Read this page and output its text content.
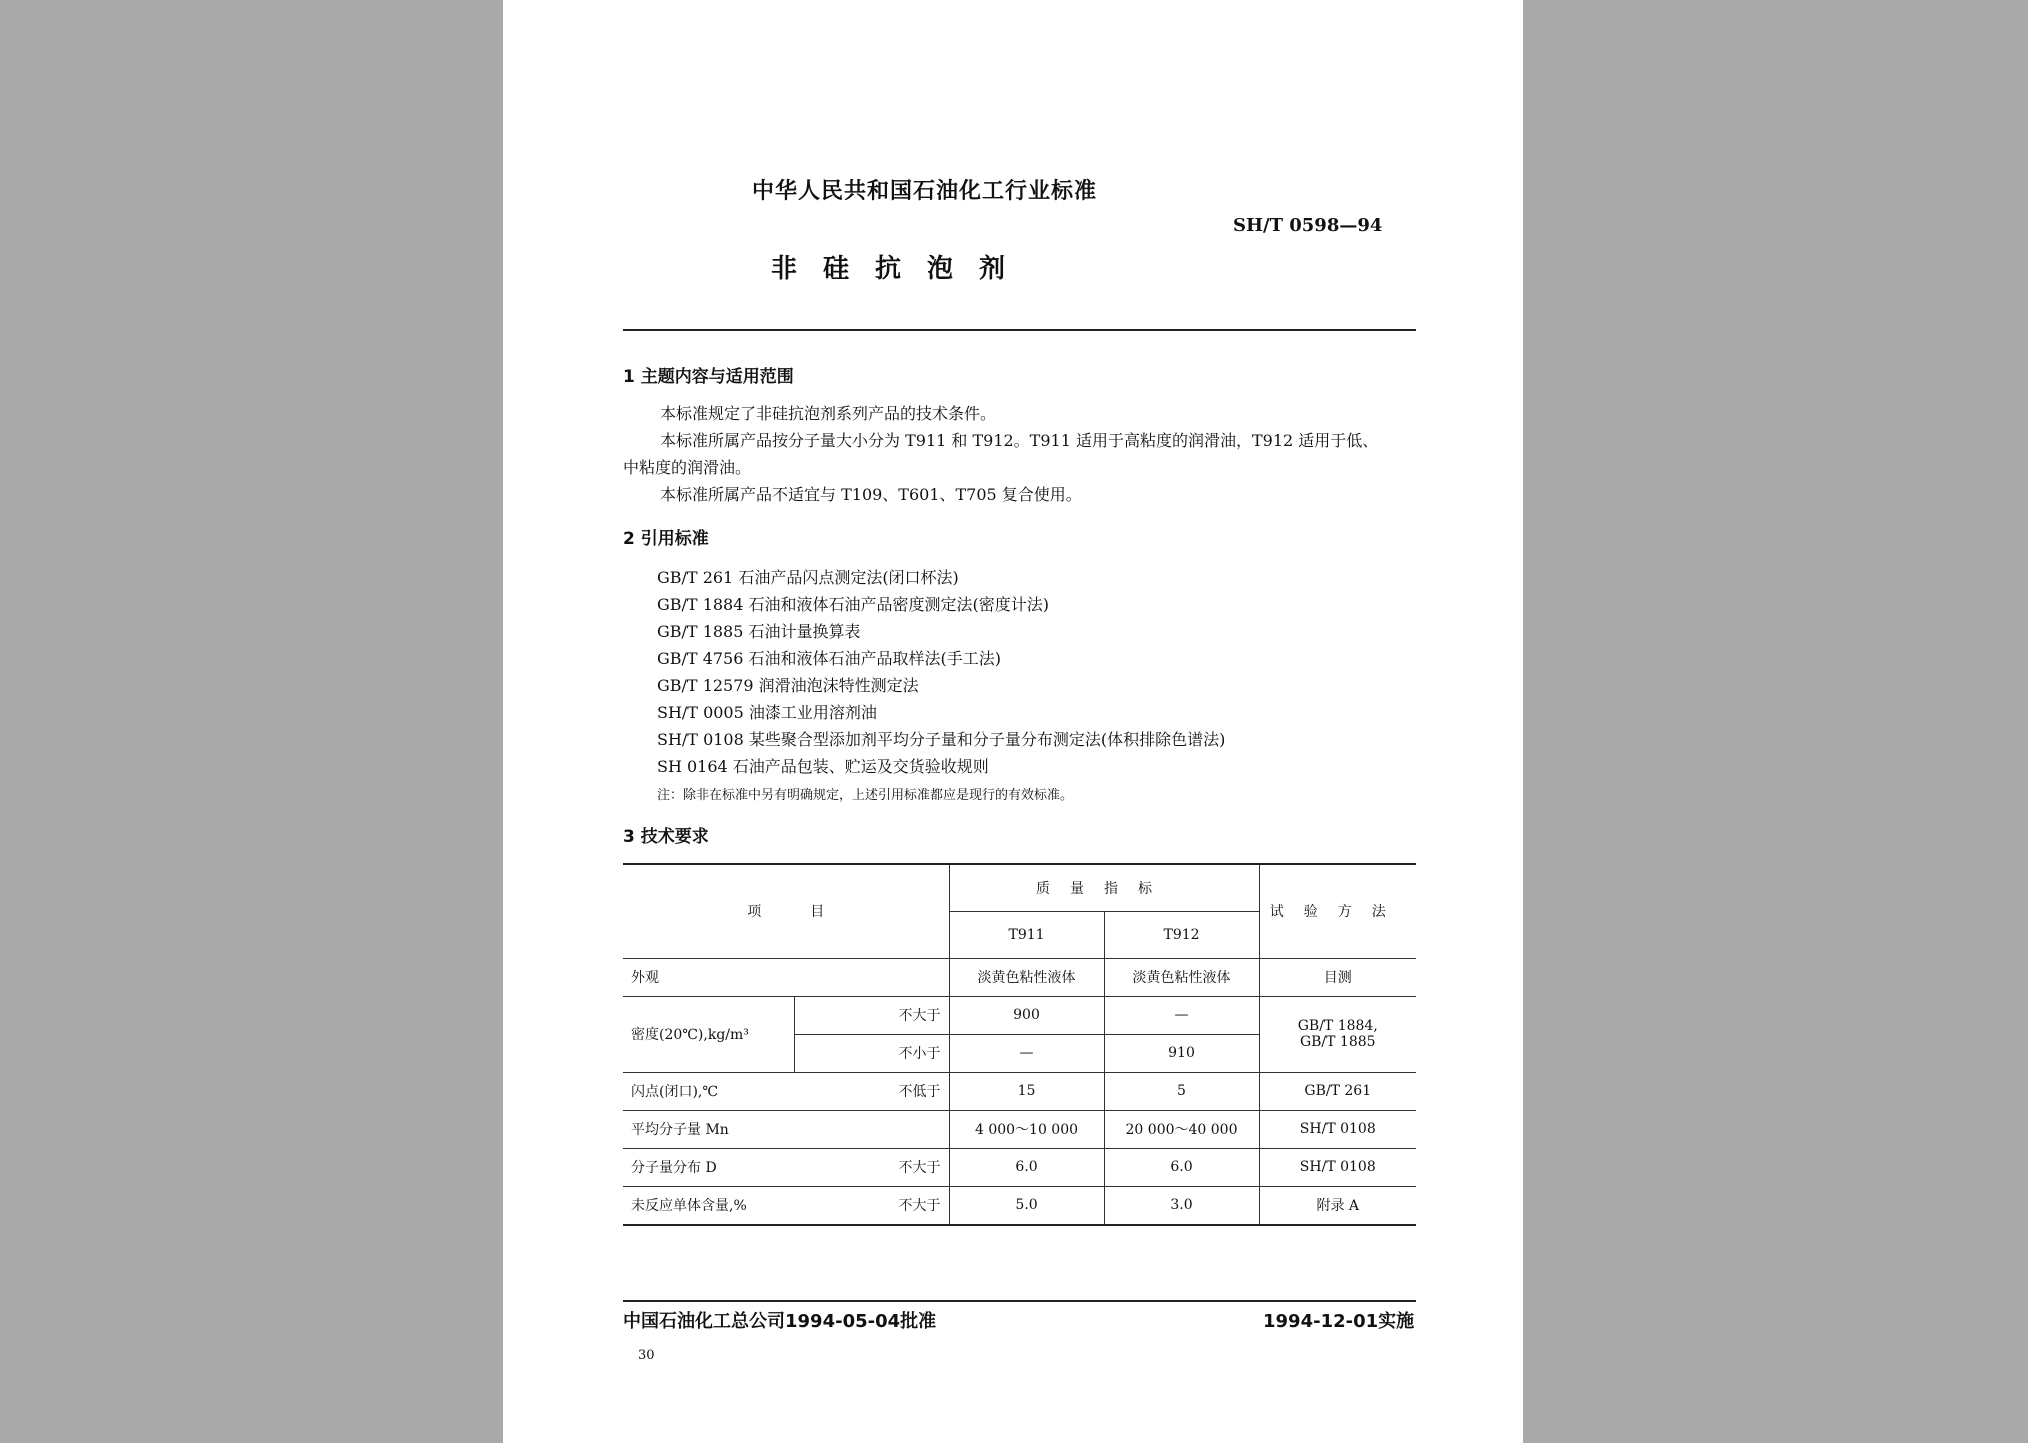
中华人民共和国石油化工行业标准
SH/T 0598—94
非硅抗泡剂
1 主题内容与适用范围
本标准规定了非硅抗泡剂系列产品的技术条件。
本标准所属产品按分子量大小分为 T911 和 T912。T911 适用于高粘度的润滑油，T912 适用于低、
中粘度的润滑油。
本标准所属产品不适宜与 T109、T601、T705 复合使用。
2 引用标准
GB/T 261 石油产品闪点测定法(闭口杯法)
GB/T 1884 石油和液体石油产品密度测定法(密度计法)
GB/T 1885 石油计量换算表
GB/T 4756 石油和液体石油产品取样法(手工法)
GB/T 12579 润滑油泡沫特性测定法
SH/T 0005 油漆工业用溶剂油
SH/T 0108 某些聚合型添加剂平均分子量和分子量分布测定法(体积排除色谱法)
SH 0164 石油产品包装、贮运及交货验收规则
注：除非在标准中另有明确规定，上述引用标准都应是现行的有效标准。
3 技术要求
项           目		质量指标		试验方法
		T911	T912	
外观		淡黄色粘性液体	淡黄色粘性液体	目测
密度(20℃),kg/m³	不大于	900	—	GB/T 1884,
GB/T 1885

	不小于	—	910	
闪点(闭口),℃	不低于	15	5	GB/T 261
平均分子量 Mn		4 000～10 000	20 000～40 000	SH/T 0108
分子量分布 D	不大于	6.0	6.0	SH/T 0108
未反应单体含量,%	不大于	5.0	3.0	附录 A
中国石油化工总公司1994-05-04批准	1994-12-01实施
30
